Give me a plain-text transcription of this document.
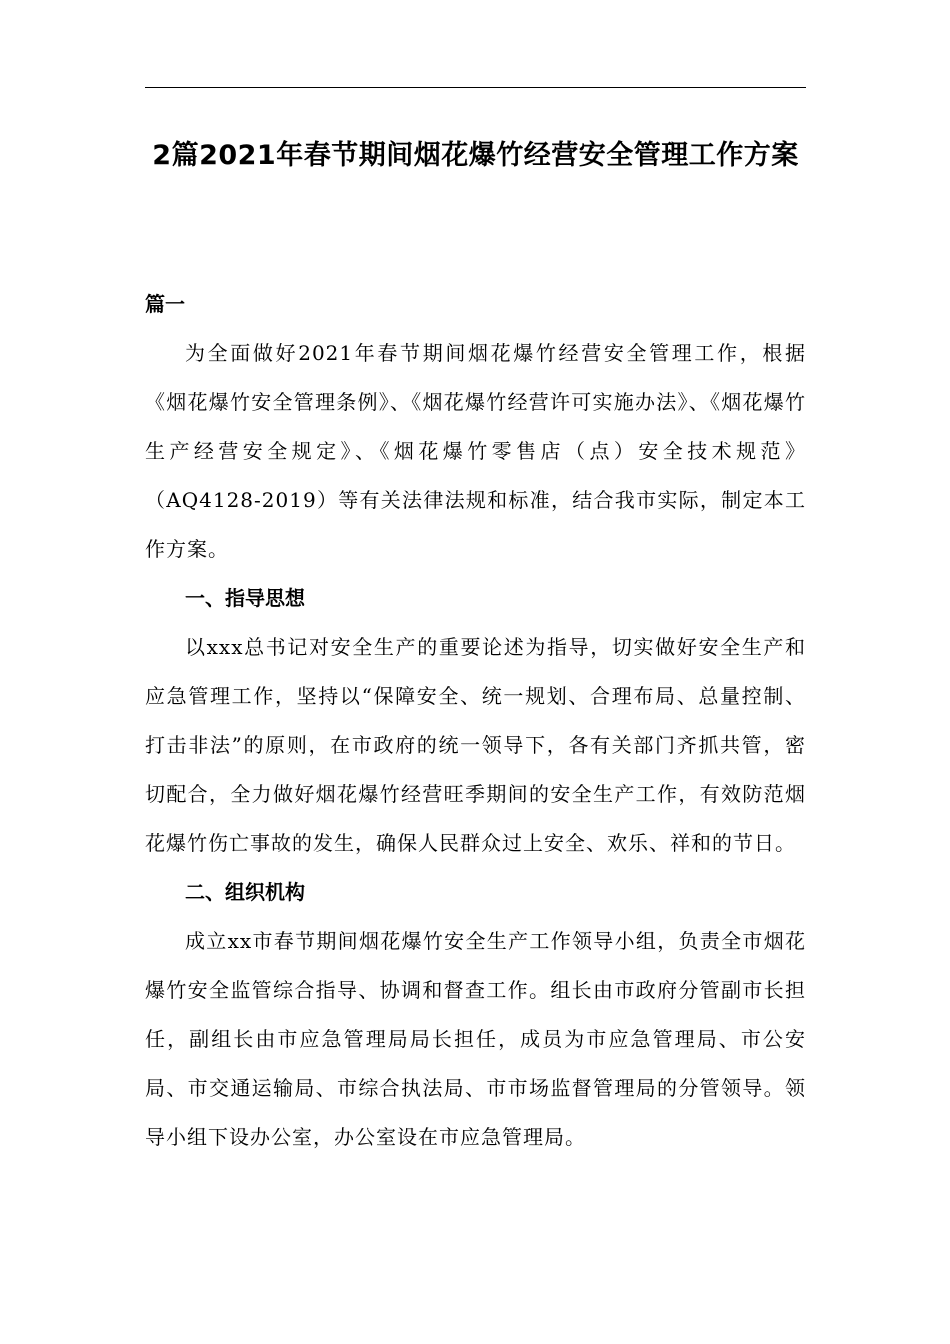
2篇2021年春节期间烟花爆竹经营安全管理工作方案

篇一

为全面做好2021年春节期间烟花爆竹经营安全管理工作，根据《烟花爆竹安全管理条例》、《烟花爆竹经营许可实施办法》、《烟花爆竹生产经营安全规定》、《烟花爆竹零售店（点）安全技术规范》（AQ4128-2019）等有关法律法规和标准，结合我市实际，制定本工作方案。

一、指导思想

以xxx总书记对安全生产的重要论述为指导，切实做好安全生产和应急管理工作，坚持以“保障安全、统一规划、合理布局、总量控制、打击非法”的原则，在市政府的统一领导下，各有关部门齐抓共管，密切配合，全力做好烟花爆竹经营旺季期间的安全生产工作，有效防范烟花爆竹伤亡事故的发生，确保人民群众过上安全、欢乐、祥和的节日。

二、组织机构

成立xx市春节期间烟花爆竹安全生产工作领导小组，负责全市烟花爆竹安全监管综合指导、协调和督查工作。组长由市政府分管副市长担任，副组长由市应急管理局局长担任，成员为市应急管理局、市公安局、市交通运输局、市综合执法局、市市场监督管理局的分管领导。领导小组下设办公室，办公室设在市应急管理局。
